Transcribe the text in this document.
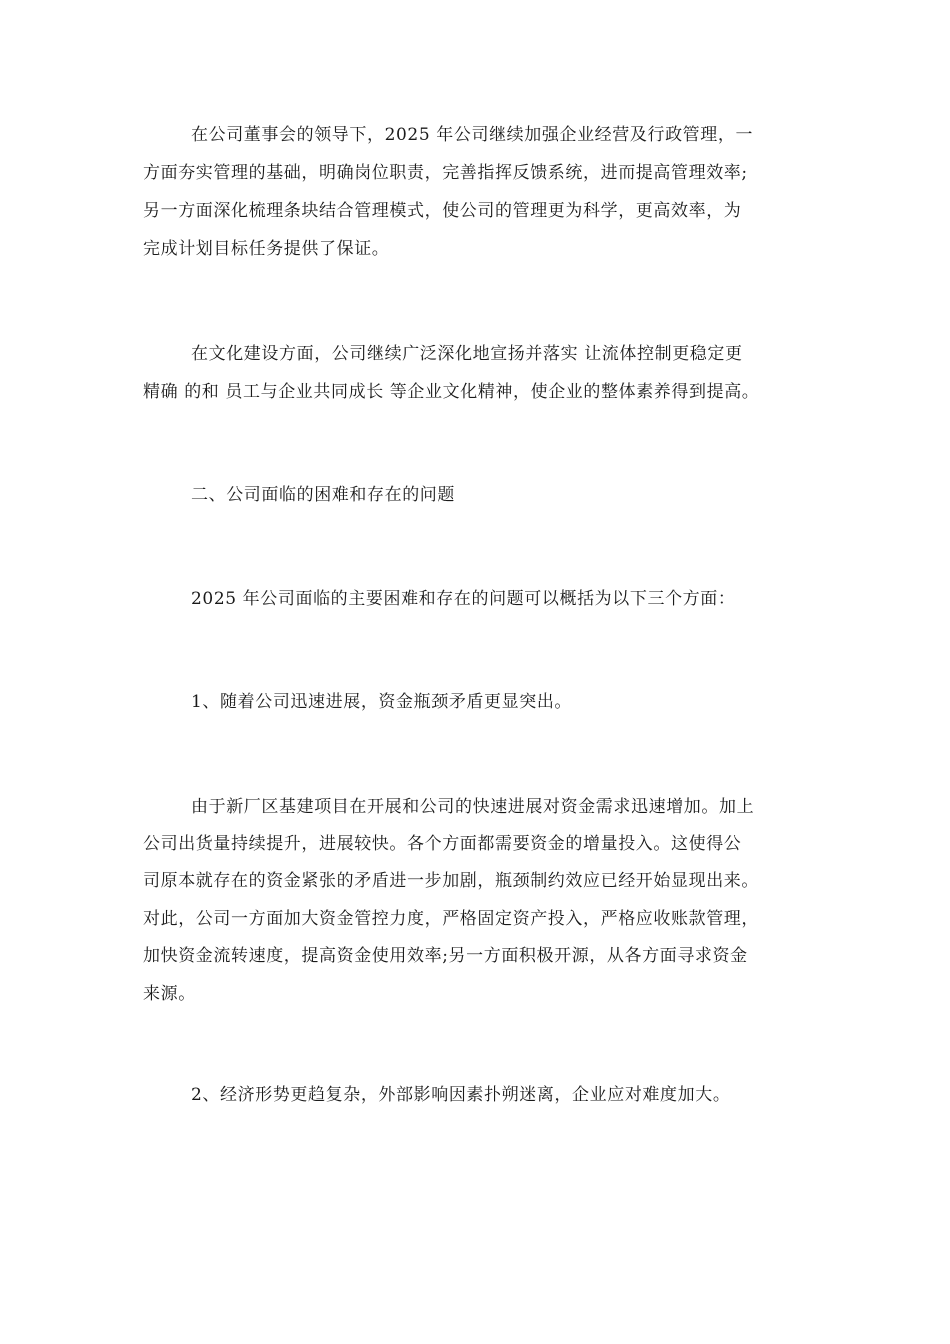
在公司董事会的领导下，2025 年公司继续加强企业经营及行政管理，一
方面夯实管理的基础，明确岗位职责，完善指挥反馈系统，进而提高管理效率;
另一方面深化梳理条块结合管理模式，使公司的管理更为科学，更高效率，为
完成计划目标任务提供了保证。
在文化建设方面，公司继续广泛深化地宣扬并落实 让流体控制更稳定更
精确 的和 员工与企业共同成长 等企业文化精神，使企业的整体素养得到提高。
二、公司面临的困难和存在的问题
2025 年公司面临的主要困难和存在的问题可以概括为以下三个方面：
1、随着公司迅速进展，资金瓶颈矛盾更显突出。
由于新厂区基建项目在开展和公司的快速进展对资金需求迅速增加。加上
公司出货量持续提升，进展较快。各个方面都需要资金的增量投入。这使得公
司原本就存在的资金紧张的矛盾进一步加剧，瓶颈制约效应已经开始显现出来。
对此，公司一方面加大资金管控力度，严格固定资产投入，严格应收账款管理，
加快资金流转速度，提高资金使用效率;另一方面积极开源，从各方面寻求资金
来源。
2、经济形势更趋复杂，外部影响因素扑朔迷离，企业应对难度加大。
